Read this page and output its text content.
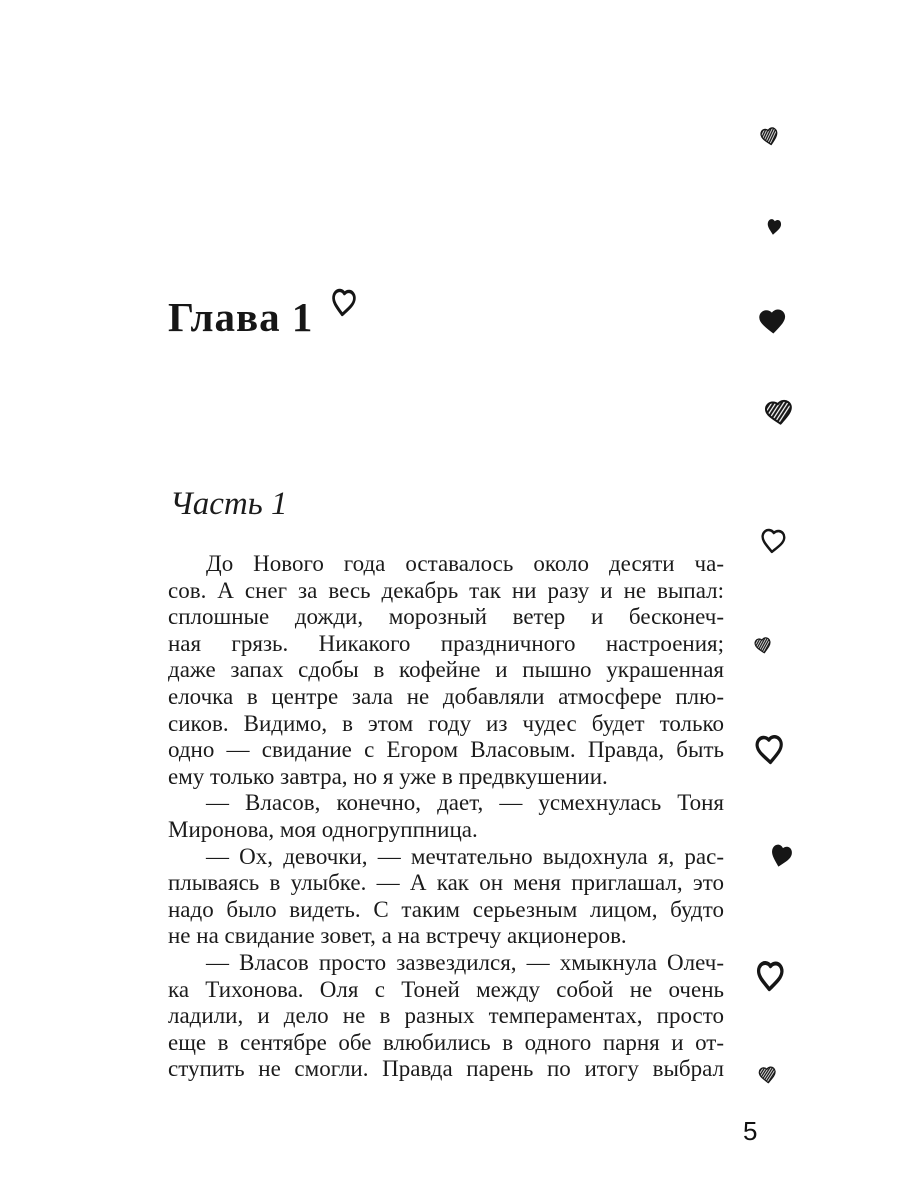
Глава 1
Часть 1
До Нового года оставалось около десяти ча-
сов. А снег за весь декабрь так ни разу и не выпал:
сплошные дожди, морозный ветер и бесконеч-
ная грязь. Никакого праздничного настроения;
даже запах сдобы в кофейне и пышно украшенная
елочка в центре зала не добавляли атмосфере плю-
сиков. Видимо, в этом году из чудес будет только
одно — свидание с Егором Власовым. Правда, быть
ему только завтра, но я уже в предвкушении.
— Власов, конечно, дает, — усмехнулась Тоня
Миронова, моя одногруппница.
— Ох, девочки, — мечтательно выдохнула я, рас-
плываясь в улыбке. — А как он меня приглашал, это
надо было видеть. С таким серьезным лицом, будто
не на свидание зовет, а на встречу акционеров.
— Власов просто зазвездился, — хмыкнула Олеч-
ка Тихонова. Оля с Тоней между собой не очень
ладили, и дело не в разных темпераментах, просто
еще в сентябре обе влюбились в одного парня и от-
ступить не смогли. Правда парень по итогу выбрал
5
